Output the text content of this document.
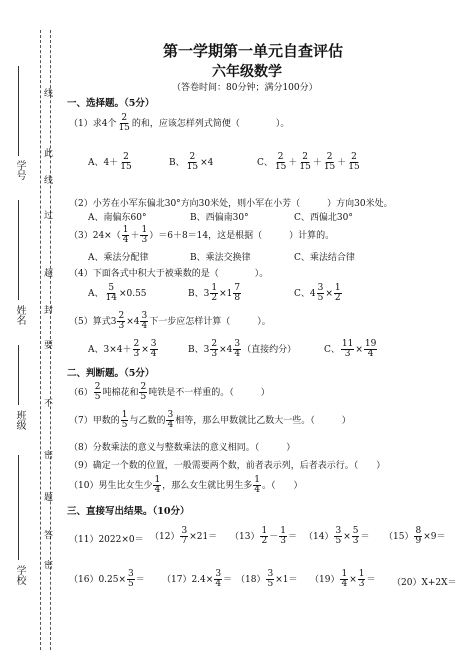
学号
姓名
班级
学校
线
此
线
过
超
封
要
不
密
题
答
密
第一学期第一单元自查评估
六年级数学
（答卷时间：80分钟；满分100分）
一、选择题。（5分）
（1）求4个 $\frac{2}{15}$ 的和，应该怎样列式简便（　　　　）。
A、$4+ \frac{2}{15}$	B、 $\frac{2}{15} \times 4$	C、 $\frac{2}{15} + \frac{2}{15} + \frac{2}{15} + \frac{2}{15}$
（2）小芳在小军东偏北30°方向30米处，则小军在小芳（　　　）方向30米处。
A、南偏东60°	B、西偏南30°	C、西偏北30°
$(3)24\times( \frac{1}{4} + \frac{1}{3} )=6+8=14$，这是根据（　　　）计算的。
A、乘法分配律	B、乘法交换律	C、乘法结合律
（4）下面各式中积大于被乘数的是（　　　　）。
A、 $\frac{5}{14} \times 0.55$	B、$3 \frac{1}{2} \times 1 \frac{7}{8}$	C、$4 \frac{3}{5} \times \frac{1}{2}$
（5）算式$3 \frac{2}{3} \times 4 \frac{3}{4}$ 下一步应怎样计算（　　　）。
A、$3\times 4+ \frac{2}{3} \times \frac{3}{4}$	B、$3 \frac{2}{3} \times 4 \frac{3}{4}$ （直接约分）	C、 $\frac{11}{3} \times \frac{19}{4}$
二、判断题。（5分）
$(6) \frac{2}{5}$ 吨棉花和 $\frac{2}{5}$ 吨铁是不一样重的。（　　　）
（7）甲数的 $\frac{1}{5}$ 与乙数的 $\frac{3}{4}$ 相等，那么甲数就比乙数大一些。（　　　）
（8）分数乘法的意义与整数乘法的意义相同。（　　　）
（9）确定一个数的位置，一般需要两个数，前者表示列，后者表示行。（　　）
（10）男生比女生少 $\frac{1}{4}$ ，那么女生就比男生多 $\frac{1}{4}$ 。（　　）
三、直接写出结果。（10分）
$(11)2022\times 0= (12) \frac{3}{7} \times 21= (13) \frac{1}{2} - \frac{1}{3} = (14) \frac{3}{5} \times \frac{5}{3} = (15) \frac{8}{9} \times 9=$
$(16)0.25\times \frac{3}{5} = (17)2.4\times \frac{3}{4} = (18) \frac{3}{5} \times 1= (19) \frac{1}{4} \times \frac{1}{3} = (20)X+2X=$
